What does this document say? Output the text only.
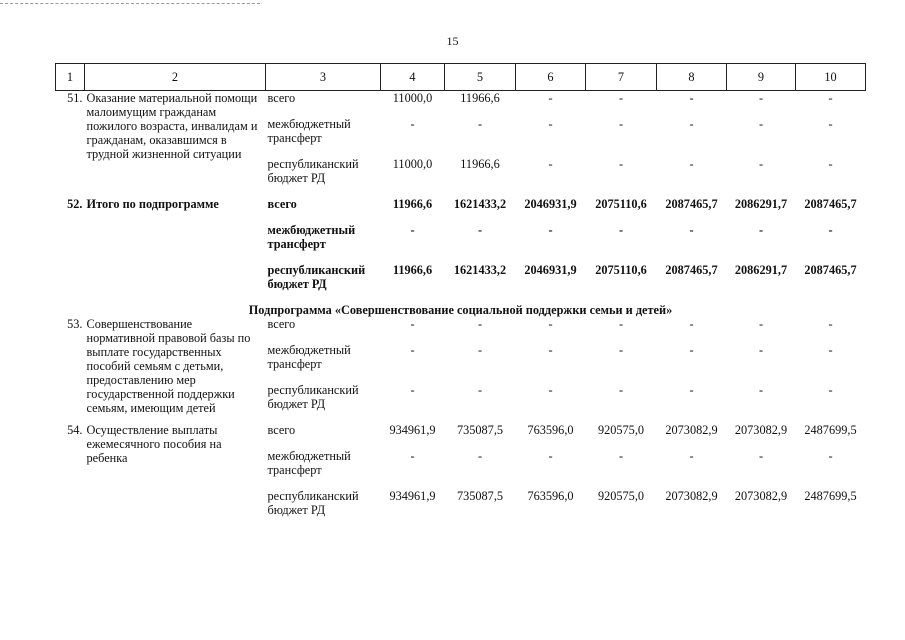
15
1	2	3	4	5	6	7	8	9	10
51.	Оказание материальной помощи малоимущим гражданам пожилого возраста, инвалидам и гражданам, оказавшимся в трудной жизненной ситуации	всего	11000,0	11966,6	-	-	-	-	-
		межбюджетный трансферт	-	-	-	-	-	-	-
		республиканский бюджет РД	11000,0	11966,6	-	-	-	-	-
52.	Итого по подпрограмме	всего	11966,6	1621433,2	2046931,9	2075110,6	2087465,7	2086291,7	2087465,7
		межбюджетный трансферт	-	-	-	-	-	-	-
		республиканский бюджет РД	11966,6	1621433,2	2046931,9	2075110,6	2087465,7	2086291,7	2087465,7
Подпрограмма «Совершенствование социальной поддержки семьи и детей»									
53.	Совершенствование нормативной правовой базы по выплате государственных пособий семьям с детьми, предоставлению мер государственной поддержки семьям, имеющим детей	всего	-	-	-	-	-	-	-
		межбюджетный трансферт	-	-	-	-	-	-	-
		республиканский бюджет РД	-	-	-	-	-	-	-
54.	Осуществление выплаты ежемесячного пособия на ребенка	всего	934961,9	735087,5	763596,0	920575,0	2073082,9	2073082,9	2487699,5
		межбюджетный трансферт	-	-	-	-	-	-	-
		республиканский бюджет РД	934961,9	735087,5	763596,0	920575,0	2073082,9	2073082,9	2487699,5
